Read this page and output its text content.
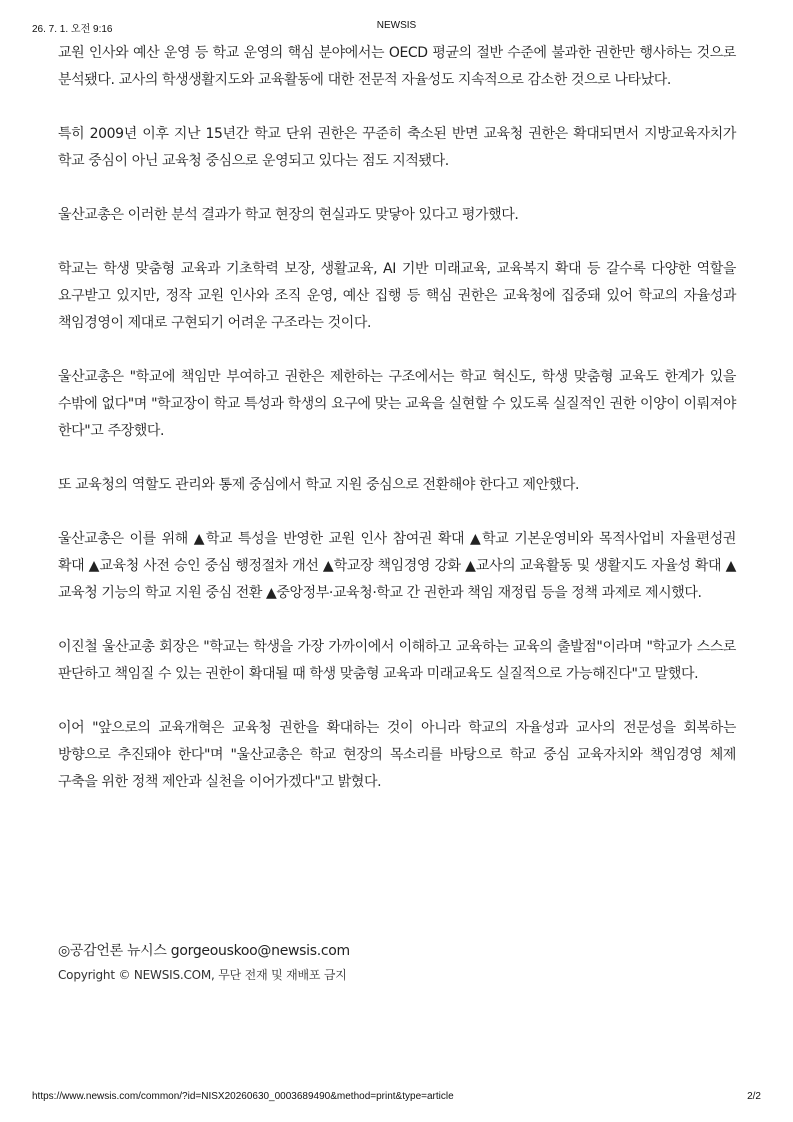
26. 7. 1. 오전 9:16	NEWSIS

교원 인사와 예산 운영 등 학교 운영의 핵심 분야에서는 OECD 평균의 절반 수준에 불과한 권한만 행사하는 것으로 분석됐다. 교사의 학생생활지도와 교육활동에 대한 전문적 자율성도 지속적으로 감소한 것으로 나타났다.

특히 2009년 이후 지난 15년간 학교 단위 권한은 꾸준히 축소된 반면 교육청 권한은 확대되면서 지방교육자치가 학교 중심이 아닌 교육청 중심으로 운영되고 있다는 점도 지적됐다.

울산교총은 이러한 분석 결과가 학교 현장의 현실과도 맞닿아 있다고 평가했다.

학교는 학생 맞춤형 교육과 기초학력 보장, 생활교육, AI 기반 미래교육, 교육복지 확대 등 갈수록 다양한 역할을 요구받고 있지만, 정작 교원 인사와 조직 운영, 예산 집행 등 핵심 권한은 교육청에 집중돼 있어 학교의 자율성과 책임경영이 제대로 구현되기 어려운 구조라는 것이다.

울산교총은 "학교에 책임만 부여하고 권한은 제한하는 구조에서는 학교 혁신도, 학생 맞춤형 교육도 한계가 있을 수밖에 없다"며 "학교장이 학교 특성과 학생의 요구에 맞는 교육을 실현할 수 있도록 실질적인 권한 이양이 이뤄져야 한다"고 주장했다.

또 교육청의 역할도 관리와 통제 중심에서 학교 지원 중심으로 전환해야 한다고 제안했다.

울산교총은 이를 위해 ▲학교 특성을 반영한 교원 인사 참여권 확대 ▲학교 기본운영비와 목적사업비 자율편성권 확대 ▲교육청 사전 승인 중심 행정절차 개선 ▲학교장 책임경영 강화 ▲교사의 교육활동 및 생활지도 자율성 확대 ▲교육청 기능의 학교 지원 중심 전환 ▲중앙정부·교육청·학교 간 권한과 책임 재정립 등을 정책 과제로 제시했다.

이진철 울산교총 회장은 "학교는 학생을 가장 가까이에서 이해하고 교육하는 교육의 출발점"이라며 "학교가 스스로 판단하고 책임질 수 있는 권한이 확대될 때 학생 맞춤형 교육과 미래교육도 실질적으로 가능해진다"고 말했다.

이어 "앞으로의 교육개혁은 교육청 권한을 확대하는 것이 아니라 학교의 자율성과 교사의 전문성을 회복하는 방향으로 추진돼야 한다"며 "울산교총은 학교 현장의 목소리를 바탕으로 학교 중심 교육자치와 책임경영 체제 구축을 위한 정책 제안과 실천을 이어가겠다"고 밝혔다.

◎공감언론 뉴시스 gorgeouskoo@newsis.com
Copyright © NEWSIS.COM, 무단 전재 및 재배포 금지
https://www.newsis.com/common/?id=NISX20260630_0003689490&method=print&type=article	2/2
